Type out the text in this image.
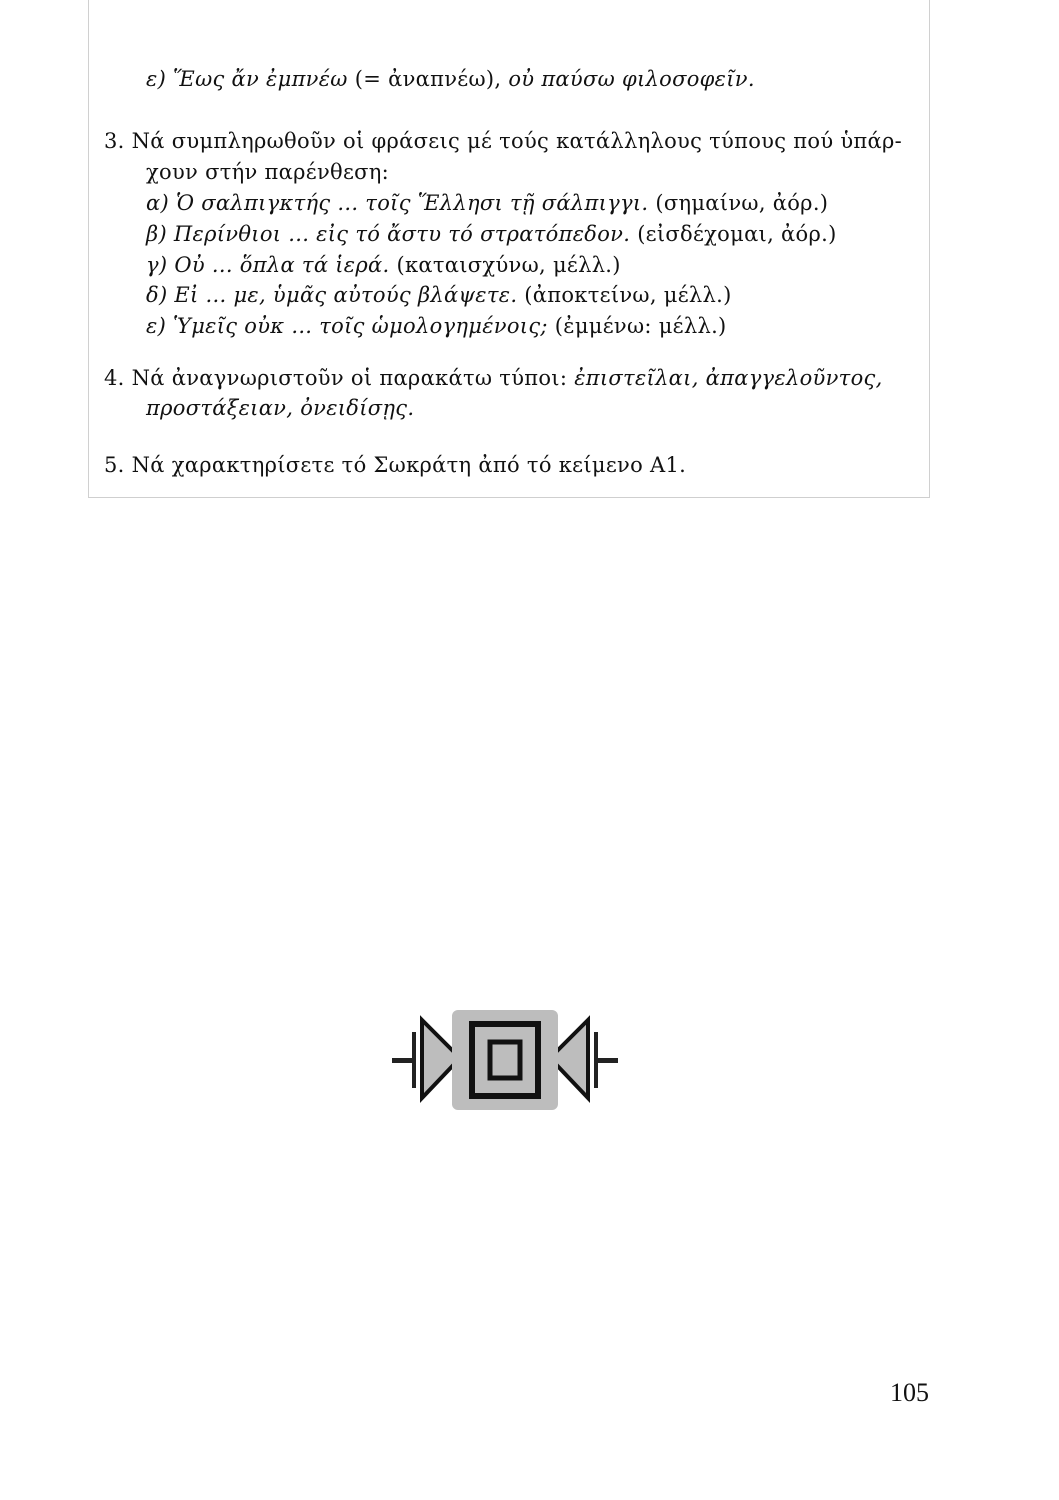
ε) Ἕως ἄν ἐμπνέω (= ἀναπνέω), οὐ παύσω φιλοσοφεῖν.
3. Νά συμπληρωθοῦν οἱ φράσεις μέ τούς κατάλληλους τύπους πού ὑπάρ-
χουν στήν παρένθεση:
α) Ὁ σαλπιγκτής ... τοῖς Ἕλλησι τῇ σάλπιγγι. (σημαίνω, ἀόρ.)
β) Περίνθιοι ... εἰς τό ἄστυ τό στρατόπεδον. (εἰσδέχομαι, ἀόρ.)
γ) Οὐ ... ὅπλα τά ἱερά. (καταισχύνω, μέλλ.)
δ) Εἰ ... με, ὑμᾶς αὐτούς βλάψετε. (ἀποκτείνω, μέλλ.)
ε) Ὑμεῖς οὐκ ... τοῖς ὡμολογημένοις; (ἐμμένω: μέλλ.)
4. Νά ἀναγνωριστοῦν οἱ παρακάτω τύποι: ἐπιστεῖλαι, ἀπαγγελοῦντος,
προστάξειαν, ὀνειδίσῃς.
5. Νά χαρακτηρίσετε τό Σωκράτη ἀπό τό κείμενο Α1.
105
